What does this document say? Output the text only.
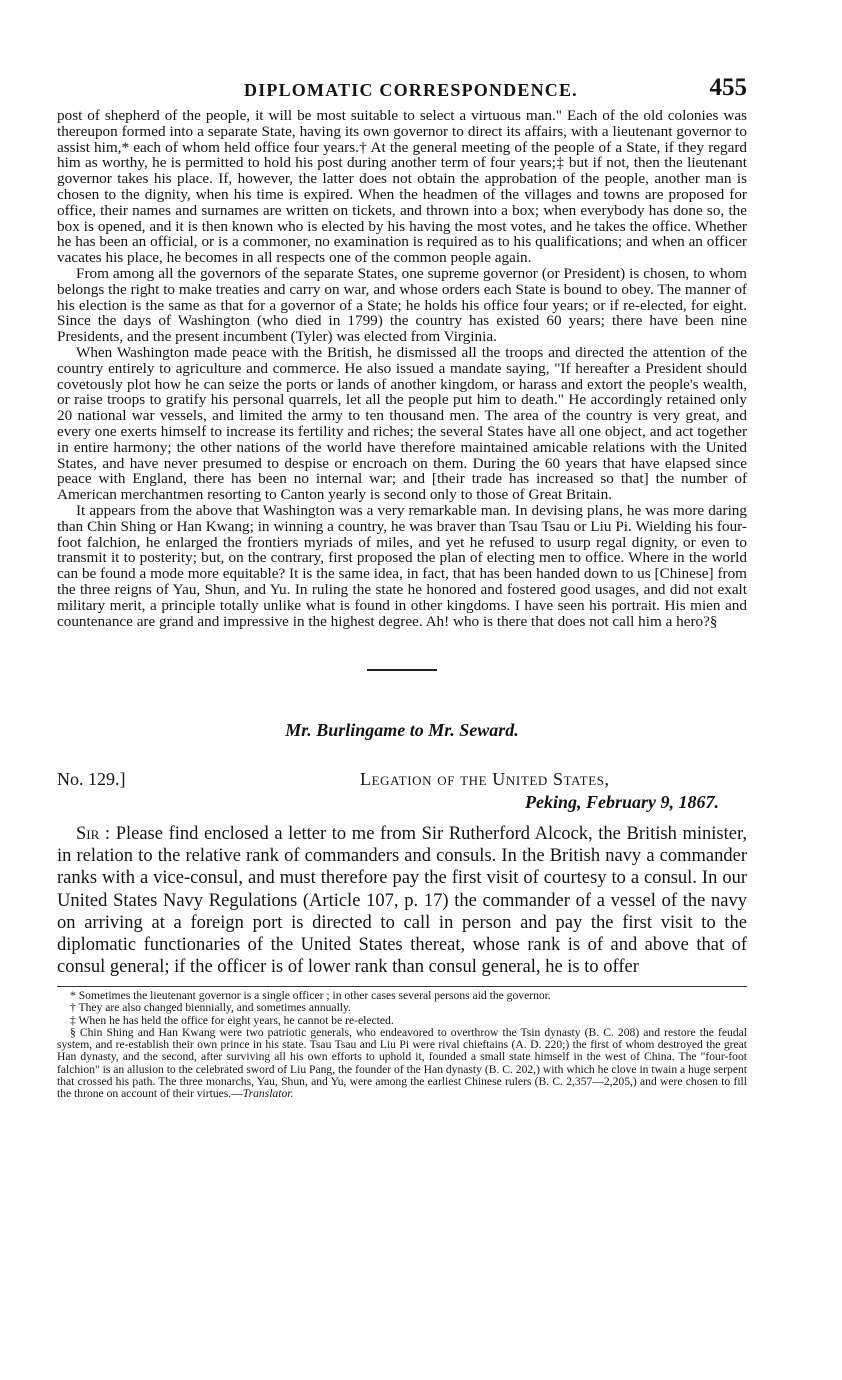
DIPLOMATIC CORRESPONDENCE.	455

post of shepherd of the people, it will be most suitable to select a virtuous man." Each of the old colonies was thereupon formed into a separate State, having its own governor to direct its affairs, with a lieutenant governor to assist him,* each of whom held office four years.† At the general meeting of the people of a State, if they regard him as worthy, he is permitted to hold his post during another term of four years;‡ but if not, then the lieutenant governor takes his place. If, however, the latter does not obtain the approbation of the people, another man is chosen to the dignity, when his time is expired. When the headmen of the villages and towns are proposed for office, their names and surnames are written on tickets, and thrown into a box; when everybody has done so, the box is opened, and it is then known who is elected by his having the most votes, and he takes the office. Whether he has been an official, or is a commoner, no examination is required as to his qualifications; and when an officer vacates his place, he becomes in all respects one of the common people again.

From among all the governors of the separate States, one supreme governor (or President) is chosen, to whom belongs the right to make treaties and carry on war, and whose orders each State is bound to obey. The manner of his election is the same as that for a governor of a State; he holds his office four years; or if re-elected, for eight. Since the days of Washington (who died in 1799) the country has existed 60 years; there have been nine Presidents, and the present incumbent (Tyler) was elected from Virginia.

When Washington made peace with the British, he dismissed all the troops and directed the attention of the country entirely to agriculture and commerce. He also issued a mandate saying, "If hereafter a President should covetously plot how he can seize the ports or lands of another kingdom, or harass and extort the people's wealth, or raise troops to gratify his personal quarrels, let all the people put him to death." He accordingly retained only 20 national war vessels, and limited the army to ten thousand men. The area of the country is very great, and every one exerts himself to increase its fertility and riches; the several States have all one object, and act together in entire harmony; the other nations of the world have therefore maintained amicable relations with the United States, and have never presumed to despise or encroach on them. During the 60 years that have elapsed since peace with England, there has been no internal war; and [their trade has increased so that] the number of American merchantmen resorting to Canton yearly is second only to those of Great Britain.

It appears from the above that Washington was a very remarkable man. In devising plans, he was more daring than Chin Shing or Han Kwang; in winning a country, he was braver than Tsau Tsau or Liu Pi. Wielding his four-foot falchion, he enlarged the frontiers myriads of miles, and yet he refused to usurp regal dignity, or even to transmit it to posterity; but, on the contrary, first proposed the plan of electing men to office. Where in the world can be found a mode more equitable? It is the same idea, in fact, that has been handed down to us [Chinese] from the three reigns of Yau, Shun, and Yu. In ruling the state he honored and fostered good usages, and did not exalt military merit, a principle totally unlike what is found in other kingdoms. I have seen his portrait. His mien and countenance are grand and impressive in the highest degree. Ah! who is there that does not call him a hero?§

Mr. Burlingame to Mr. Seward.
No. 129.]	Legation of the United States,
Peking, February 9, 1867.

Sir : Please find enclosed a letter to me from Sir Rutherford Alcock, the British minister, in relation to the relative rank of commanders and consuls. In the British navy a commander ranks with a vice-consul, and must therefore pay the first visit of courtesy to a consul. In our United States Navy Regulations (Article 107, p. 17) the commander of a vessel of the navy on arriving at a foreign port is directed to call in person and pay the first visit to the diplomatic functionaries of the United States thereat, whose rank is of and above that of consul general; if the officer is of lower rank than consul general, he is to offer

* Sometimes the lieutenant governor is a single officer ; in other cases several persons aid the governor.

† They are also changed biennially, and sometimes annually.

‡ When he has held the office for eight years, he cannot be re-elected.

§ Chin Shing and Han Kwang were two patriotic generals, who endeavored to overthrow the Tsin dynasty (B. C. 208) and restore the feudal system, and re-establish their own prince in his state. Tsau Tsau and Liu Pi were rival chieftains (A. D. 220;) the first of whom destroyed the great Han dynasty, and the second, after surviving all his own efforts to uphold it, founded a small state himself in the west of China. The "four-foot falchion" is an allusion to the celebrated sword of Liu Pang, the founder of the Han dynasty (B. C. 202,) with which he clove in twain a huge serpent that crossed his path. The three monarchs, Yau, Shun, and Yu, were among the earliest Chinese rulers (B. C. 2,357—2,205,) and were chosen to fill the throne on account of their virtues.—Translator.
